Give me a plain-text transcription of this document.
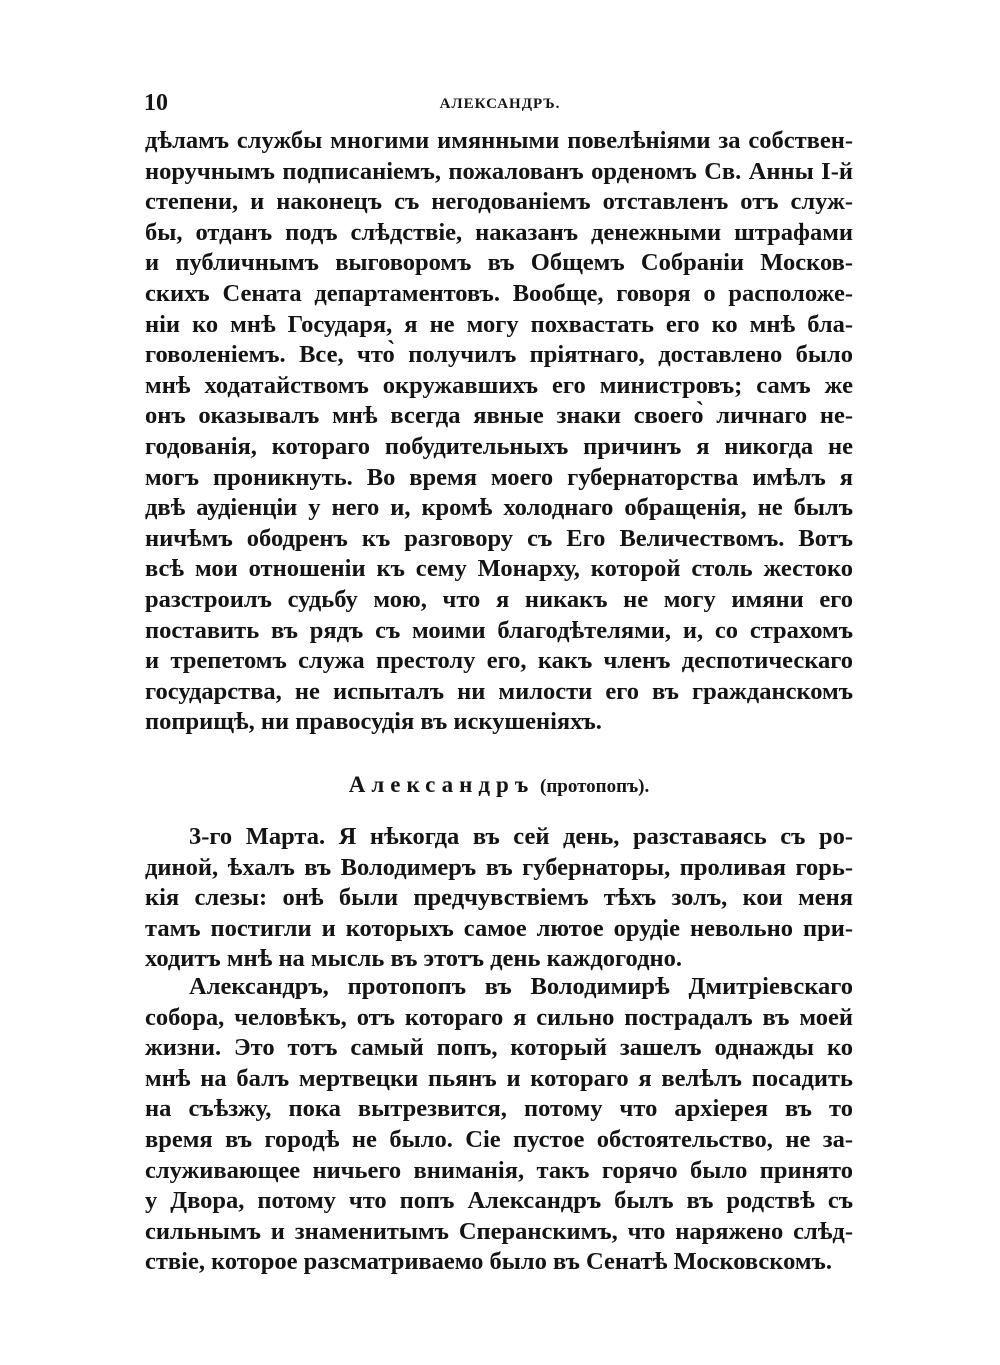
10	АЛЕКСАНДРЪ.
дѣламъ службы многими имянными повелѣніями за собствен-
норучнымъ подписаніемъ, пожалованъ орденомъ Св. Анны І-й
степени, и наконецъ съ негодованіемъ отставленъ отъ служ-
бы, отданъ подъ слѣдствіе, наказанъ денежными штрафами
и публичнымъ выговоромъ въ Общемъ Собраніи Москов-
скихъ Сената департаментовъ. Вообще, говоря о расположе-
ніи ко мнѣ Государя, я не могу похвастать его ко мнѣ бла-
говоленіемъ. Все, что̀ получилъ пріятнаго, доставлено было
мнѣ ходатайствомъ окружавшихъ его министровъ; самъ же
онъ оказывалъ мнѣ всегда явные знаки своего̀ личнаго не-
годованія, котораго побудительныхъ причинъ я никогда не
могъ проникнуть. Во время моего губернаторства имѣлъ я
двѣ аудіенціи у него и, кромѣ холоднаго обращенія, не былъ
ничѣмъ ободренъ къ разговору съ Его Величествомъ. Вотъ
всѣ мои отношеніи къ сему Монарху, которой столь жестоко
разстроилъ судьбу мою, что я никакъ не могу имяни его
поставить въ рядъ съ моими благодѣтелями, и, со страхомъ
и трепетомъ служа престолу его, какъ членъ деспотическаго
государства, не испыталъ ни милости его въ гражданскомъ
поприщѣ, ни правосудія въ искушеніяхъ.
Александръ (протопопъ).
3-го Марта. Я нѣкогда въ сей день, разставаясь съ ро-
диной, ѣхалъ въ Володимеръ въ губернаторы, проливая горь-
кія слезы: онѣ были предчувствіемъ тѣхъ золъ, кои меня
тамъ постигли и которыхъ самое лютое орудіе невольно при-
ходитъ мнѣ на мысль въ этотъ день каждогодно.
Александръ, протопопъ въ Володимирѣ Дмитріевскаго
собора, человѣкъ, отъ котораго я сильно пострадалъ въ моей
жизни. Это тотъ самый попъ, который зашелъ однажды ко
мнѣ на балъ мертвецки пьянъ и котораго я велѣлъ посадить
на съѣзжу, пока вытрезвится, потому что архіерея въ то
время въ городѣ не было. Сіе пустое обстоятельство, не за-
служивающее ничьего вниманія, такъ горячо было принято
у Двора, потому что попъ Александръ былъ въ родствѣ съ
сильнымъ и знаменитымъ Сперанскимъ, что наряжено слѣд-
ствіе, которое разсматриваемо было въ Сенатѣ Московскомъ.
